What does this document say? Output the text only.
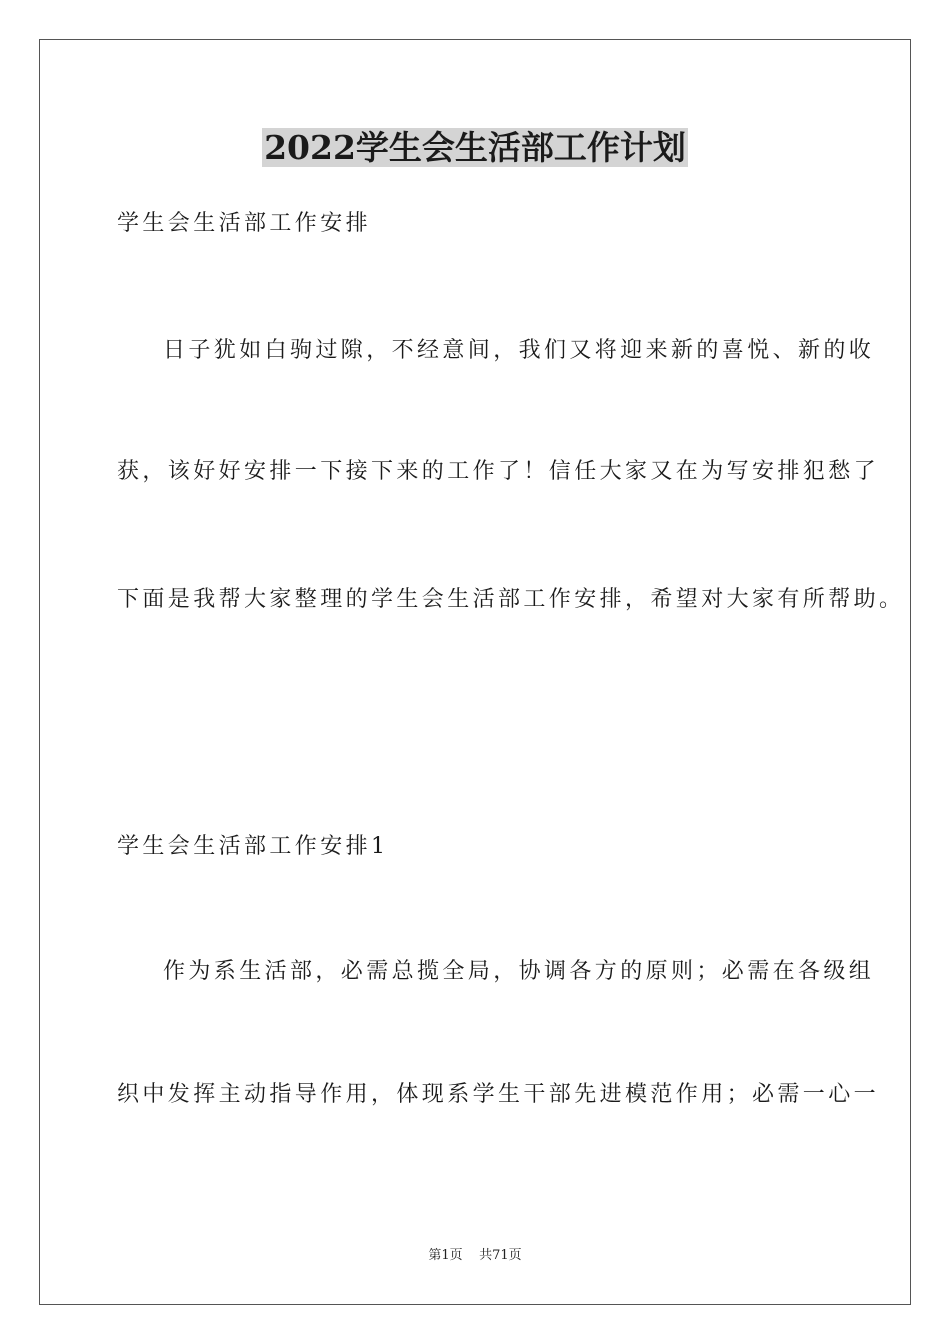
2022学生会生活部工作计划
学生会生活部工作安排
日子犹如白驹过隙，不经意间，我们又将迎来新的喜悦、新的收
获，该好好安排一下接下来的工作了！信任大家又在为写安排犯愁了
下面是我帮大家整理的学生会生活部工作安排，希望对大家有所帮助。
学生会生活部工作安排1
作为系生活部，必需总揽全局，协调各方的原则；必需在各级组
织中发挥主动指导作用，体现系学生干部先进模范作用；必需一心一
第1页    共71页
